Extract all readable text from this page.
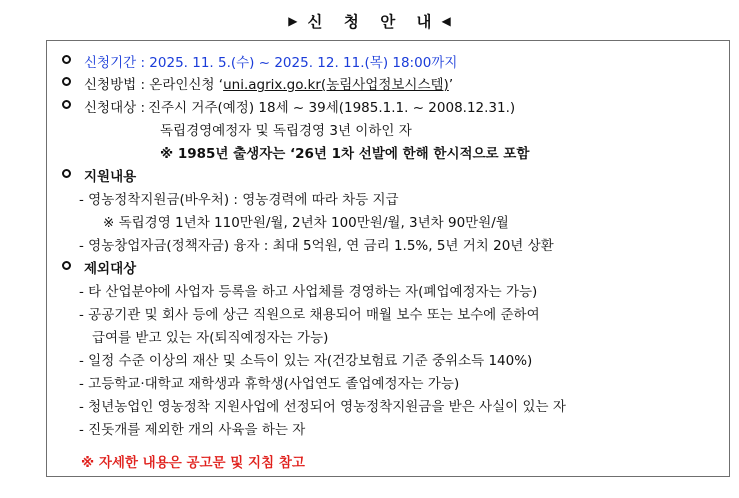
▶ 신 청 안 내 ◀
신청기간 : 2025. 11. 5.(수) ~ 2025. 12. 11.(목) 18:00까지
신청방법 : 온라인신청 ‘uni.agrix.go.kr(농림사업정보시스템)’
신청대상 : 진주시 거주(예정) 18세 ~ 39세(1985.1.1. ~ 2008.12.31.)
독립경영예정자 및 독립경영 3년 이하인 자
※ 1985년 출생자는 ‘26년 1차 선발에 한해 한시적으로 포함
지원내용
- 영농정착지원금(바우처) : 영농경력에 따라 차등 지급
※ 독립경영 1년차 110만원/월, 2년차 100만원/월, 3년차 90만원/월
- 영농창업자금(정책자금) 융자 : 최대 5억원, 연 금리 1.5%, 5년 거치 20년 상환
제외대상
- 타 산업분야에 사업자 등록을 하고 사업체를 경영하는 자(폐업예정자는 가능)
- 공공기관 및 회사 등에 상근 직원으로 채용되어 매월 보수 또는 보수에 준하여
급여를 받고 있는 자(퇴직예정자는 가능)
- 일정 수준 이상의 재산 및 소득이 있는 자(건강보험료 기준 중위소득 140%)
- 고등학교·대학교 재학생과 휴학생(사업연도 졸업예정자는 가능)
- 청년농업인 영농정착 지원사업에 선정되어 영농정착지원금을 받은 사실이 있는 자
- 진돗개를 제외한 개의 사육을 하는 자
※ 자세한 내용은 공고문 및 지침 참고
